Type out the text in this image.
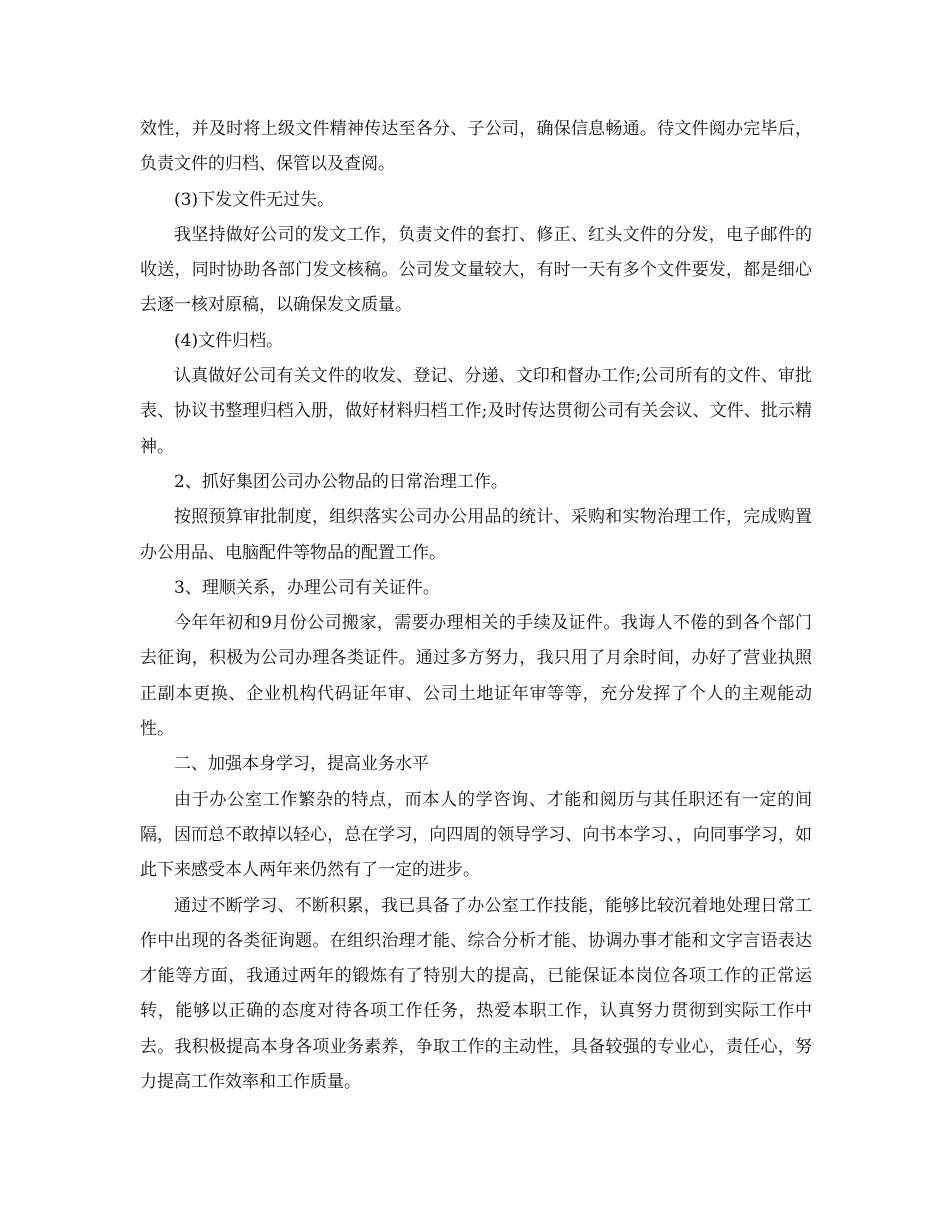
效性，并及时将上级文件精神传达至各分、子公司，确保信息畅通。待文件阅办完毕后，负责文件的归档、保管以及查阅。

(3)下发文件无过失。

我坚持做好公司的发文工作，负责文件的套打、修正、红头文件的分发，电子邮件的收送，同时协助各部门发文核稿。公司发文量较大，有时一天有多个文件要发，都是细心去逐一核对原稿，以确保发文质量。

(4)文件归档。

认真做好公司有关文件的收发、登记、分递、文印和督办工作;公司所有的文件、审批表、协议书整理归档入册，做好材料归档工作;及时传达贯彻公司有关会议、文件、批示精神。

2、抓好集团公司办公物品的日常治理工作。

按照预算审批制度，组织落实公司办公用品的统计、采购和实物治理工作，完成购置办公用品、电脑配件等物品的配置工作。

3、理顺关系，办理公司有关证件。

今年年初和9月份公司搬家，需要办理相关的手续及证件。我诲人不倦的到各个部门去征询，积极为公司办理各类证件。通过多方努力，我只用了月余时间，办好了营业执照正副本更换、企业机构代码证年审、公司土地证年审等等，充分发挥了个人的主观能动性。

二、加强本身学习，提高业务水平

由于办公室工作繁杂的特点，而本人的学咨询、才能和阅历与其任职还有一定的间隔，因而总不敢掉以轻心，总在学习，向四周的领导学习、向书本学习、，向同事学习，如此下来感受本人两年来仍然有了一定的进步。

通过不断学习、不断积累，我已具备了办公室工作技能，能够比较沉着地处理日常工作中出现的各类征询题。在组织治理才能、综合分析才能、协调办事才能和文字言语表达才能等方面，我通过两年的锻炼有了特别大的提高，已能保证本岗位各项工作的正常运转，能够以正确的态度对待各项工作任务，热爱本职工作，认真努力贯彻到实际工作中去。我积极提高本身各项业务素养，争取工作的主动性，具备较强的专业心，责任心，努力提高工作效率和工作质量。
